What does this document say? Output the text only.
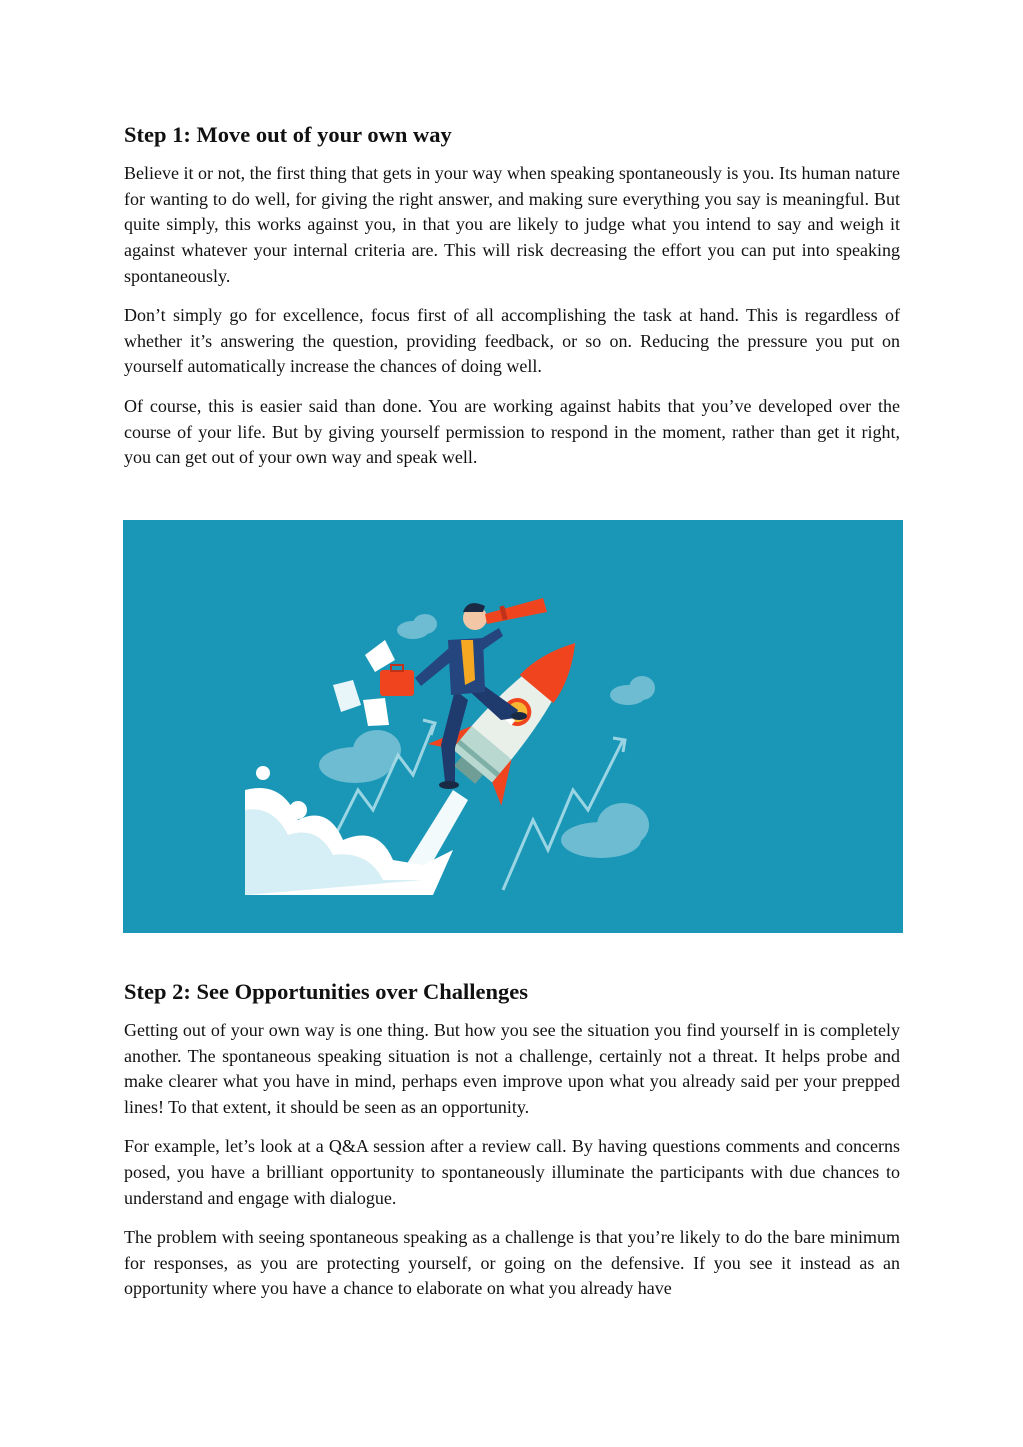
Step 1: Move out of your own way

Believe it or not, the first thing that gets in your way when speaking spontaneously is you. Its human nature for wanting to do well, for giving the right answer, and making sure everything you say is meaningful. But quite simply, this works against you, in that you are likely to judge what you intend to say and weigh it against whatever your internal criteria are. This will risk decreasing the effort you can put into speaking spontaneously.

Don’t simply go for excellence, focus first of all accomplishing the task at hand. This is regardless of whether it’s answering the question, providing feedback, or so on. Reducing the pressure you put on yourself automatically increase the chances of doing well.

Of course, this is easier said than done. You are working against habits that you’ve developed over the course of your life. But by giving yourself permission to respond in the moment, rather than get it right, you can get out of your own way and speak well.

Step 2: See Opportunities over Challenges

Getting out of your own way is one thing. But how you see the situation you find yourself in is completely another. The spontaneous speaking situation is not a challenge, certainly not a threat. It helps probe and make clearer what you have in mind, perhaps even improve upon what you already said per your prepped lines! To that extent, it should be seen as an opportunity.

For example, let’s look at a Q&A session after a review call. By having questions comments and concerns posed, you have a brilliant opportunity to spontaneously illuminate the participants with due chances to understand and engage with dialogue.

The problem with seeing spontaneous speaking as a challenge is that you’re likely to do the bare minimum for responses, as you are protecting yourself, or going on the defensive. If you see it instead as an opportunity where you have a chance to elaborate on what you already have
